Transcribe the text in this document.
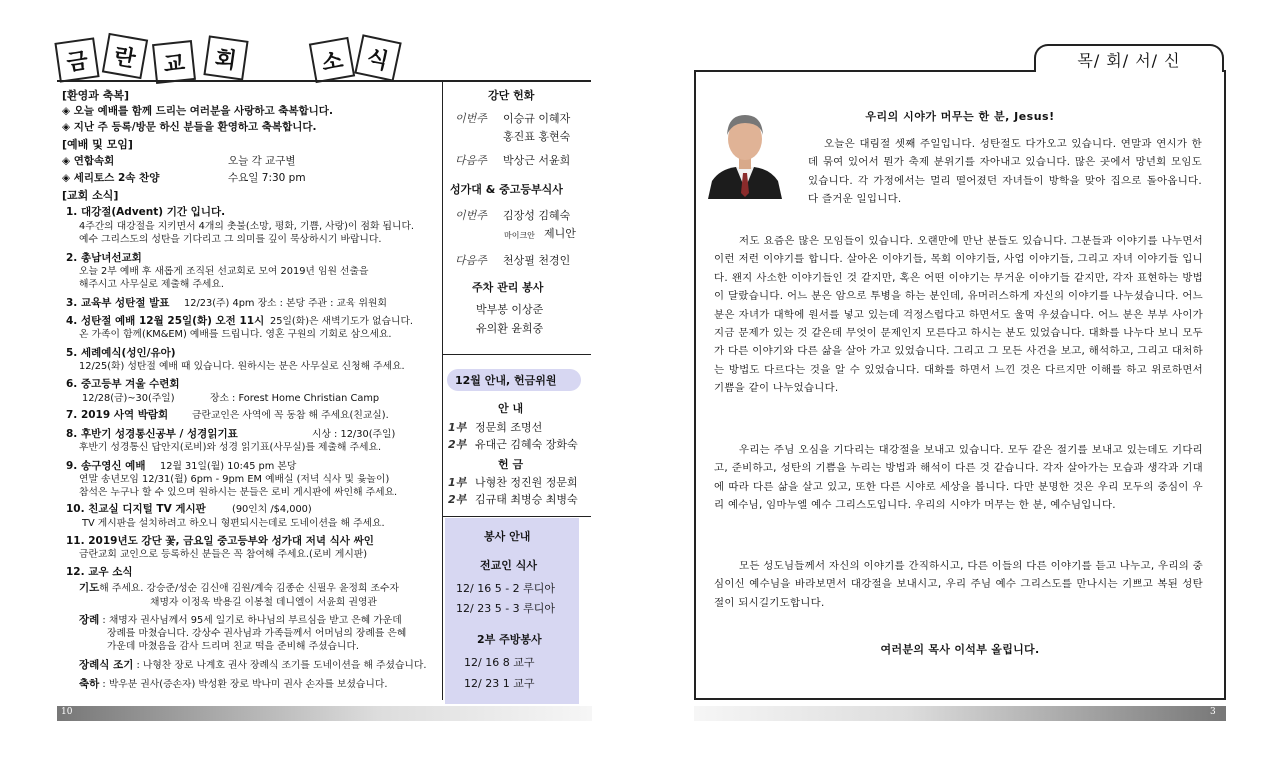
금	란	교	회	소 식
[환영과 축복]
◈ 오늘 예배를 함께 드리는 여러분을 사랑하고 축복합니다.
◈ 지난 주 등록/방문 하신 분들을 환영하고 축복합니다.
[예배 및 모임]
◈ 연합속회	오늘 각 교구별
◈ 세리토스 2속 찬양	수요일 7:30 pm
[교회 소식]
1. 대강절(Advent) 기간 입니다.
4주간의 대강절을 지키면서 4개의 촛불(소망, 평화, 기쁨, 사랑)이 점화 됩니다.
예수 그리스도의 성탄을 기다리고 그 의미를 깊이 묵상하시기 바랍니다.
2. 총남녀선교회
오늘 2부 예배 후 새롭게 조직된 선교회로 모여 2019년 임원 선출을
해주시고 사무실로 제출해 주세요.
3. 교육부 성탄절 발표 12/23(주) 4pm 장소 : 본당 주관 : 교육 위원회
4. 성탄절 예배 12월 25일(화) 오전 11시 25일(화)은 새벽기도가 없습니다.
온 가족이 함께(KM&EM) 예배를 드립니다. 영혼 구원의 기회로 삼으세요.
5. 세례예식(성인/유아)
12/25(화) 성탄절 예배 때 있습니다. 원하시는 분은 사무실로 신청해 주세요.
6. 중고등부 겨울 수련회
12/28(금)~30(주일)	장소 : Forest Home Christian Camp
7. 2019 사역 박람회 금란교인은 사역에 꼭 동참 해 주세요(친교실).
8. 후반기 성경통신공부 / 성경읽기표	시상 : 12/30(주일)
후반기 성경통신 답안지(로비)와 성경 읽기표(사무실)를 제출해 주세요.
9. 송구영신 예배 12월 31일(월) 10:45 pm 본당
연말 송년모임 12/31(월) 6pm - 9pm EM 예배실 (저녁 식사 및 윷놀이)
참석은 누구나 할 수 있으며 원하시는 분들은 로비 게시판에 싸인해 주세요.
10. 친교실 디지털 TV 게시판	(90인치 /$4,000)
TV 게시판을 설치하려고 하오니 형편되시는데로 도네이션을 해 주세요.
11. 2019년도 강단 꽃, 금요일 중고등부와 성가대 저녁 식사 싸인
금란교회 교인으로 등록하신 분들은 꼭 참여해 주세요.(로비 게시판)
12. 교우 소식
기도해 주세요. 강승준/성순 김신애 김원/계숙 김종순 신필우 윤정희 조수자
채명자 이정욱 박용길 이봉철 데니엘이 서윤희 권영관
장례 : 채명자 권사님께서 95세 일기로 하나님의 부르심을 받고 은혜 가운데
장례를 마쳤습니다. 강상수 권사님과 가족들께서 어머님의 장례를 은혜
가운데 마쳤음을 감사 드리며 친교 떡을 준비해 주셨습니다.
장례식 조기 : 나형찬 장로 나계호 권사 장례식 조기를 도네이션을 해 주셨습니다.
축하 : 박우분 권사(증손자) 박성환 장로 박나미 권사 손자를 보셨습니다.
강단 헌화
이번주 이승규 이혜자
홍진표 홍현숙
다음주 박상근 서윤희
성가대 & 중고등부식사
이번주 김장성 김혜숙
마이크안 제니안
다음주 천상필 천경인
주차 관리 봉사
박부봉 이상준
유의환 윤희중
12월 안내, 헌금위원
안 내
1부 정문희 조명선
2부 유대근 김혜숙 장화숙
헌 금
1부 나형찬 정진원 정문희
2부 김규태 최병승 최병숙
봉사 안내
전교인 식사
12/ 16 5 - 2 루디아
12/ 23 5 - 3 루디아
2부 주방봉사
12/ 16 8 교구
12/ 23 1 교구
10
목/ 회/ 서/ 신
우리의 시야가 머무는 한 분, Jesus!
오늘은 대림절 셋째 주일입니다. 성탄절도 다가오고 있습니다. 연말과 연시가 한데 묶여 있어서 뭔가 축제 분위기를 자아내고 있습니다. 많은 곳에서 망년회 모임도 있습니다. 각 가정에서는 멀리 떨어졌던 자녀들이 방학을 맞아 집으로 돌아옵니다. 다 즐거운 일입니다.
저도 요즘은 많은 모임들이 있습니다. 오랜만에 만난 분들도 있습니다. 그분들과 이야기를 나누면서 이런 저런 이야기를 합니다. 살아온 이야기들, 목회 이야기들, 사업 이야기들, 그리고 자녀 이야기들 입니다. 왠지 사소한 이야기들인 것 같지만, 혹은 어떤 이야기는 무거운 이야기들 같지만, 각자 표현하는 방법이 달랐습니다. 어느 분은 암으로 투병을 하는 분인데, 유머러스하게 자신의 이야기를 나누셨습니다. 어느 분은 자녀가 대학에 원서를 넣고 있는데 걱정스럽다고 하면서도 울먹 우셨습니다. 어느 분은 부부 사이가 지금 문제가 있는 것 같은데 무엇이 문제인지 모른다고 하시는 분도 있었습니다. 대화를 나누다 보니 모두가 다른 이야기와 다른 삶을 살아 가고 있었습니다. 그리고 그 모든 사건을 보고, 해석하고, 그리고 대처하는 방법도 다르다는 것을 알 수 있었습니다. 대화를 하면서 느낀 것은 다르지만 이해를 하고 위로하면서 기쁨을 같이 나누었습니다.
우리는 주님 오심을 기다리는 대강절을 보내고 있습니다. 모두 같은 절기를 보내고 있는데도 기다리고, 준비하고, 성탄의 기쁨을 누리는 방법과 해석이 다른 것 같습니다. 각자 살아가는 모습과 생각과 기대에 따라 다른 삶을 살고 있고, 또한 다른 시야로 세상을 봅니다. 다만 분명한 것은 우리 모두의 중심이 우리 예수님, 임마누엘 예수 그리스도입니다. 우리의 시야가 머무는 한 분, 예수님입니다.
모든 성도님들께서 자신의 이야기를 간직하시고, 다른 이들의 다른 이야기를 듣고 나누고, 우리의 중심이신 예수님을 바라보면서 대강절을 보내시고, 우리 주님 예수 그리스도를 만나시는 기쁘고 복된 성탄절이 되시길기도합니다.
여러분의 목사 이석부 올립니다.
3
